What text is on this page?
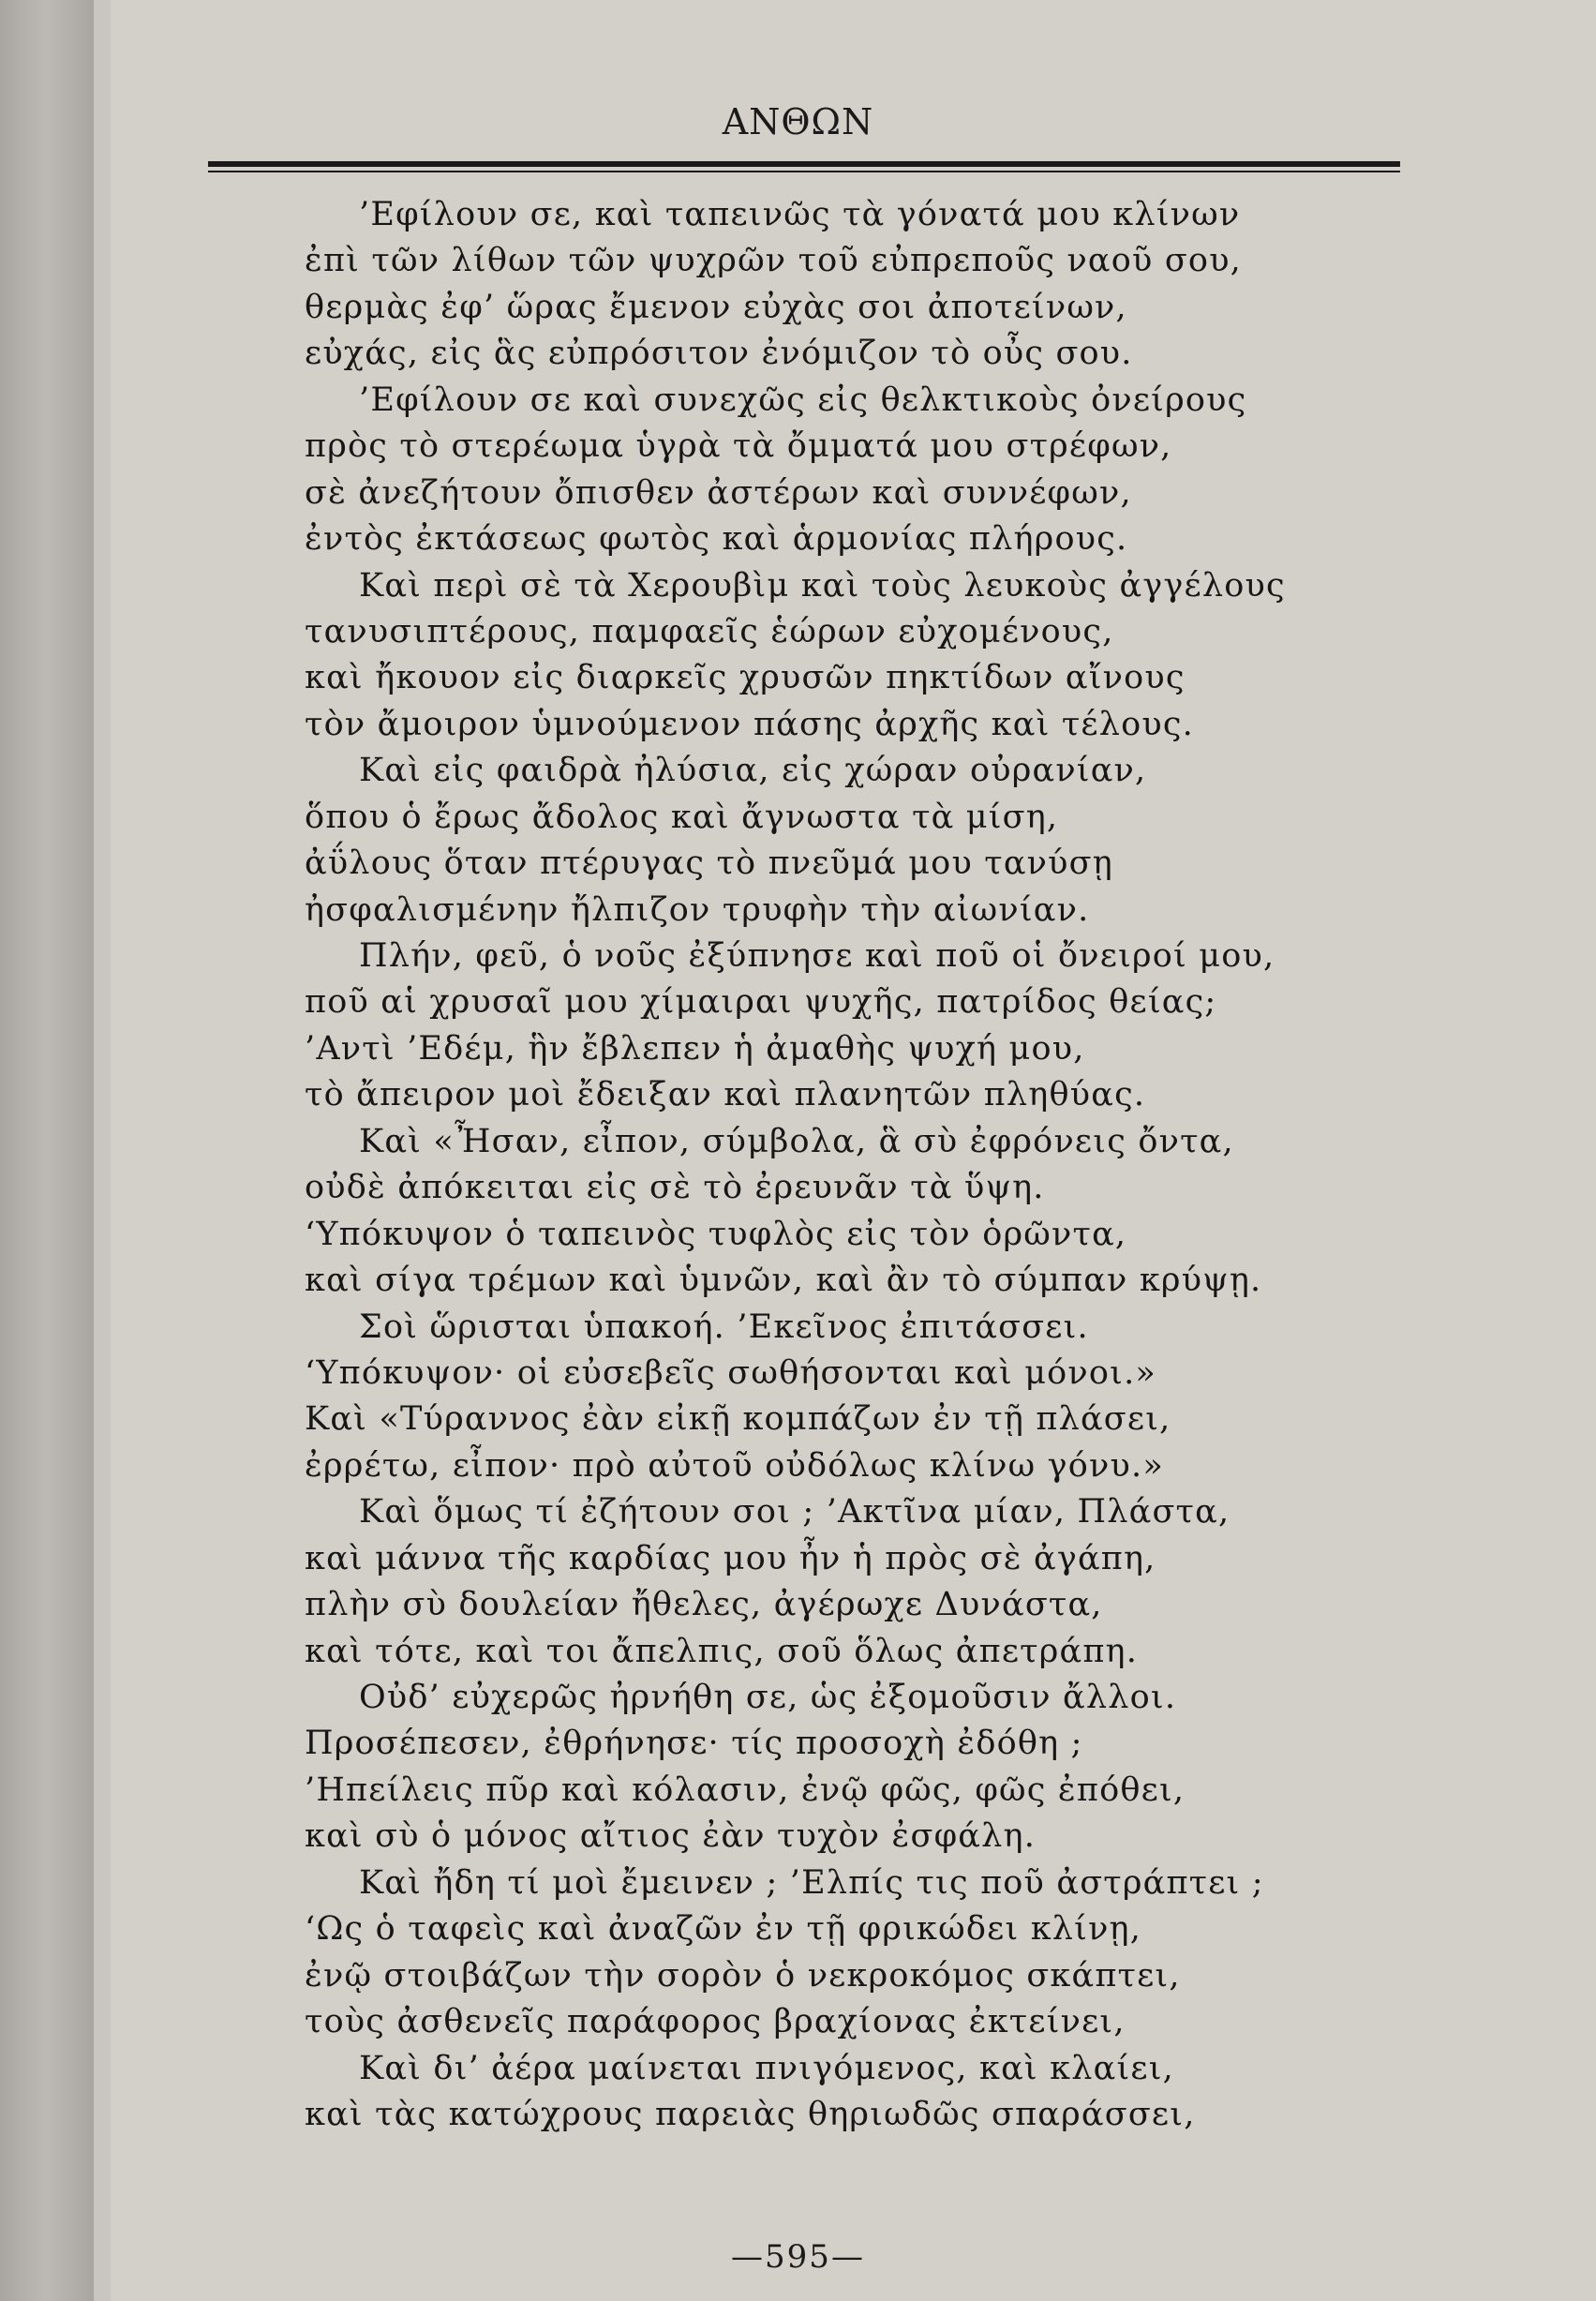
ΑΝΘΩΝ
’Εφίλουν σε, καὶ ταπεινῶς τὰ γόνατά μου κλίνων
ἐπὶ τῶν λίθων τῶν ψυχρῶν τοῦ εὐπρεποῦς ναοῦ σου,
θερμὰς ἐφ’ ὥρας ἔμενον εὐχὰς σοι ἀποτείνων,
εὐχάς, εἰς ἃς εὐπρόσιτον ἐνόμιζον τὸ οὖς σου.
’Εφίλουν σε καὶ συνεχῶς εἰς θελκτικοὺς ὀνείρους
πρὸς τὸ στερέωμα ὑγρὰ τὰ ὄμματά μου στρέφων,
σὲ ἀνεζήτουν ὄπισθεν ἀστέρων καὶ συννέφων,
ἐντὸς ἐκτάσεως φωτὸς καὶ ἁρμονίας πλήρους.
Καὶ περὶ σὲ τὰ Χερουβὶμ καὶ τοὺς λευκοὺς ἀγγέλους
τανυσιπτέρους, παμφαεῖς ἑώρων εὐχομένους,
καὶ ἤκουον εἰς διαρκεῖς χρυσῶν πηκτίδων αἴνους
τὸν ἄμοιρον ὑμνούμενον πάσης ἀρχῆς καὶ τέλους.
Καὶ εἰς φαιδρὰ ἠλύσια, εἰς χώραν οὐρανίαν,
ὅπου ὁ ἔρως ἄδολος καὶ ἄγνωστα τὰ μίση,
ἀΰλους ὅταν πτέρυγας τὸ πνεῦμά μου τανύσῃ
ἠσφαλισμένην ἤλπιζον τρυφὴν τὴν αἰωνίαν.
Πλήν, φεῦ, ὁ νοῦς ἐξύπνησε καὶ ποῦ οἱ ὄνειροί μου,
ποῦ αἱ χρυσαῖ μου χίμαιραι ψυχῆς, πατρίδος θείας;
’Αντὶ ’Εδέμ, ἣν ἔβλεπεν ἡ ἀμαθὴς ψυχή μου,
τὸ ἄπειρον μοὶ ἔδειξαν καὶ πλανητῶν πληθύας.
Καὶ «Ἦσαν, εἶπον, σύμβολα, ἃ σὺ ἐφρόνεις ὄντα,
οὐδὲ ἀπόκειται εἰς σὲ τὸ ἐρευνᾶν τὰ ὕψη.
‘Υπόκυψον ὁ ταπεινὸς τυφλὸς εἰς τὸν ὁρῶντα,
καὶ σίγα τρέμων καὶ ὑμνῶν, καὶ ἂν τὸ σύμπαν κρύψῃ.
Σοὶ ὥρισται ὑπακοή. ’Εκεῖνος ἐπιτάσσει.
‘Υπόκυψον· οἱ εὐσεβεῖς σωθήσονται καὶ μόνοι.»
Καὶ «Τύραννος ἐὰν εἰκῇ κομπάζων ἐν τῇ πλάσει,
ἐρρέτω, εἶπον· πρὸ αὐτοῦ οὐδόλως κλίνω γόνυ.»
Καὶ ὅμως τί ἐζήτουν σοι ; ’Ακτῖνα μίαν, Πλάστα,
καὶ μάννα τῆς καρδίας μου ἦν ἡ πρὸς σὲ ἀγάπη,
πλὴν σὺ δουλείαν ἤθελες, ἀγέρωχε Δυνάστα,
καὶ τότε, καὶ τοι ἄπελπις, σοῦ ὅλως ἀπετράπη.
Οὐδ’ εὐχερῶς ἠρνήθη σε, ὡς ἐξομοῦσιν ἄλλοι.
Προσέπεσεν, ἐθρήνησε· τίς προσοχὴ ἐδόθη ;
’Ηπείλεις πῦρ καὶ κόλασιν, ἐνῷ φῶς, φῶς ἐπόθει,
καὶ σὺ ὁ μόνος αἴτιος ἐὰν τυχὸν ἐσφάλη.
Καὶ ἤδη τί μοὶ ἔμεινεν ; ’Ελπίς τις ποῦ ἀστράπτει ;
‘Ως ὁ ταφεὶς καὶ ἀναζῶν ἐν τῇ φρικώδει κλίνῃ,
ἐνῷ στοιβάζων τὴν σορὸν ὁ νεκροκόμος σκάπτει,
τοὺς ἀσθενεῖς παράφορος βραχίονας ἐκτείνει,
Καὶ δι’ ἀέρα μαίνεται πνιγόμενος, καὶ κλαίει,
καὶ τὰς κατώχρους παρειὰς θηριωδῶς σπαράσσει,
—595—
